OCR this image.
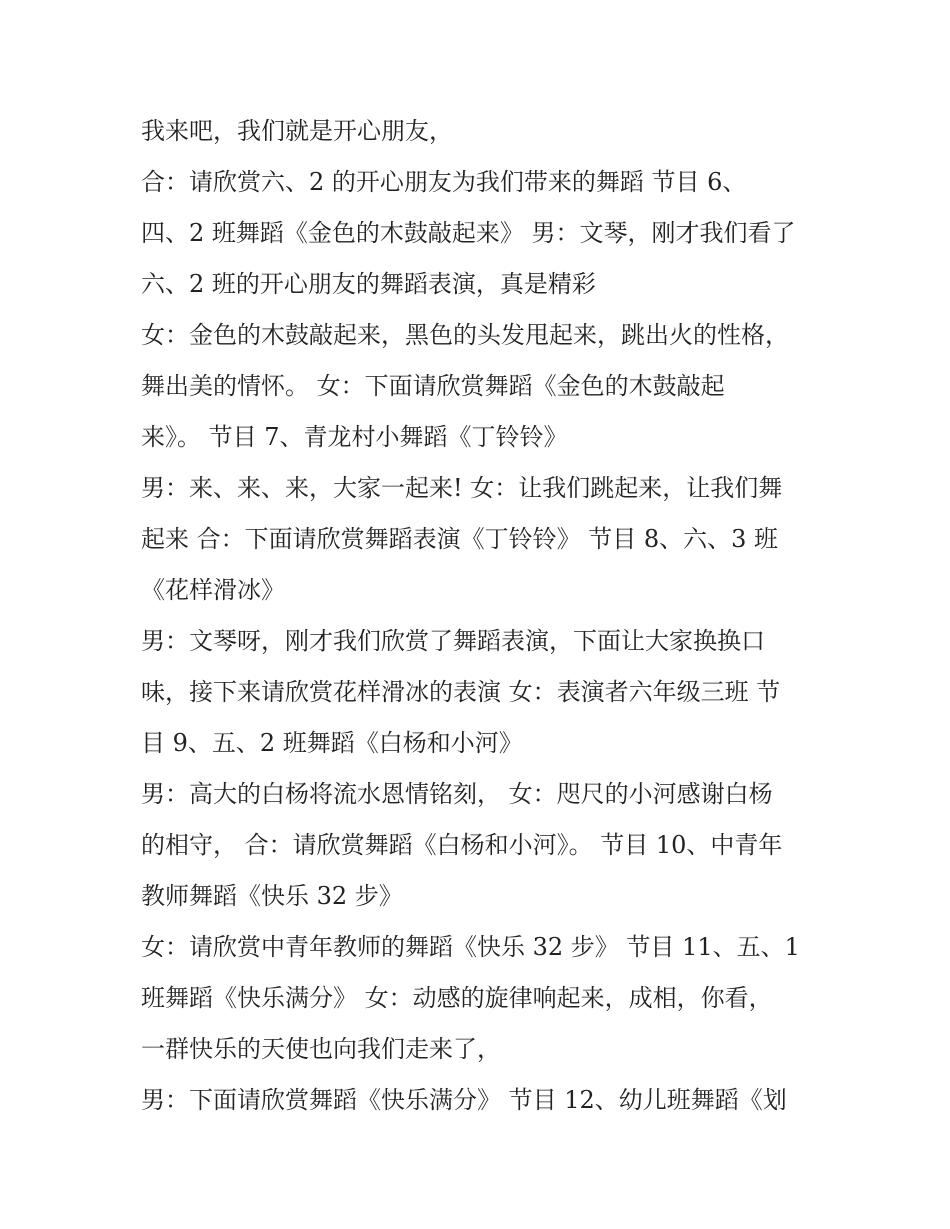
我来吧，我们就是开心朋友，
合：请欣赏六、2 的开心朋友为我们带来的舞蹈 节目 6、
四、2 班舞蹈《金色的木鼓敲起来》 男：文琴，刚才我们看了
六、2 班的开心朋友的舞蹈表演，真是精彩
女：金色的木鼓敲起来，黑色的头发甩起来，跳出火的性格，
舞出美的情怀。 女：下面请欣赏舞蹈《金色的木鼓敲起
来》。 节目 7、青龙村小舞蹈《丁铃铃》
男：来、来、来，大家一起来! 女：让我们跳起来，让我们舞
起来 合：下面请欣赏舞蹈表演《丁铃铃》 节目 8、六、3 班
《花样滑冰》
男：文琴呀，刚才我们欣赏了舞蹈表演，下面让大家换换口
味，接下来请欣赏花样滑冰的表演 女：表演者六年级三班 节
目 9、五、2 班舞蹈《白杨和小河》
男：高大的白杨将流水恩情铭刻， 女：咫尺的小河感谢白杨
的相守， 合：请欣赏舞蹈《白杨和小河》。 节目 10、中青年
教师舞蹈《快乐 32 步》
女：请欣赏中青年教师的舞蹈《快乐 32 步》 节目 11、五、1
班舞蹈《快乐满分》 女：动感的旋律响起来，成相，你看，
一群快乐的天使也向我们走来了，
男：下面请欣赏舞蹈《快乐满分》 节目 12、幼儿班舞蹈《划
